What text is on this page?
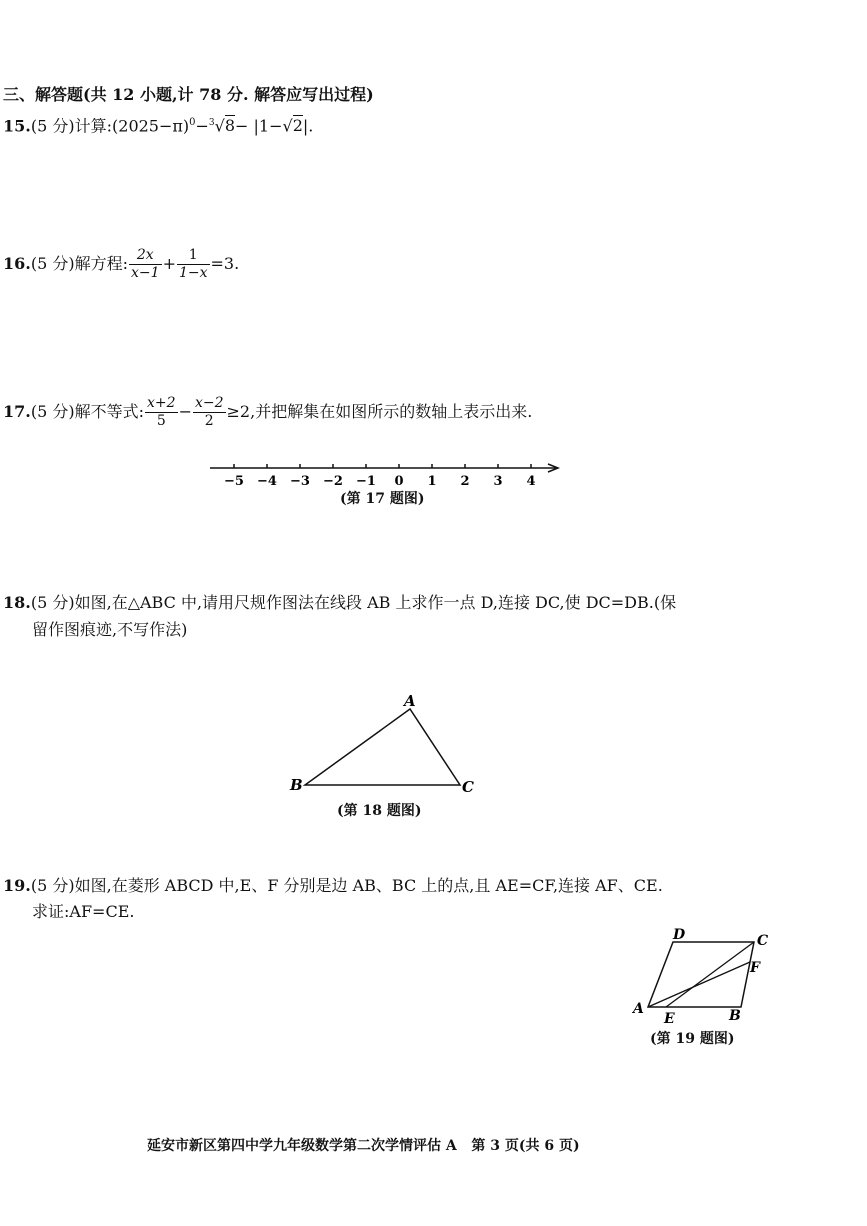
三、解答题(共 12 小题,计 78 分. 解答应写出过程)
15.(5 分)计算$:(2025-\pi)^0-^3√8- |1-√2|$.
16.(5 分)解方程: $\frac{2x}{x-1} + \frac{1}{1-x} =3$.
17.(5 分)解不等式: $\frac{x+2}{5} - \frac{x-2}{2} \ge 2$,并把解集在如图所示的数轴上表示出来.
−5 −4 −3 −2 −1 0 1 2 3 4
(第 17 题图)
18.(5 分)如图,在△ABC 中,请用尺规作图法在线段 AB 上求作一点 D,连接 DC,使 DC=DB.(保
留作图痕迹,不写作法)
A
B	C
(第 18 题图)
19.(5 分)如图,在菱形 ABCD 中,E、F 分别是边 AB、BC 上的点,且 AE=CF,连接 AF、CE.
求证:AF=CE.
D	C
F
A
E	B
(第 19 题图)
延安市新区第四中学九年级数学第二次学情评估 A   第 3 页(共 6 页)
